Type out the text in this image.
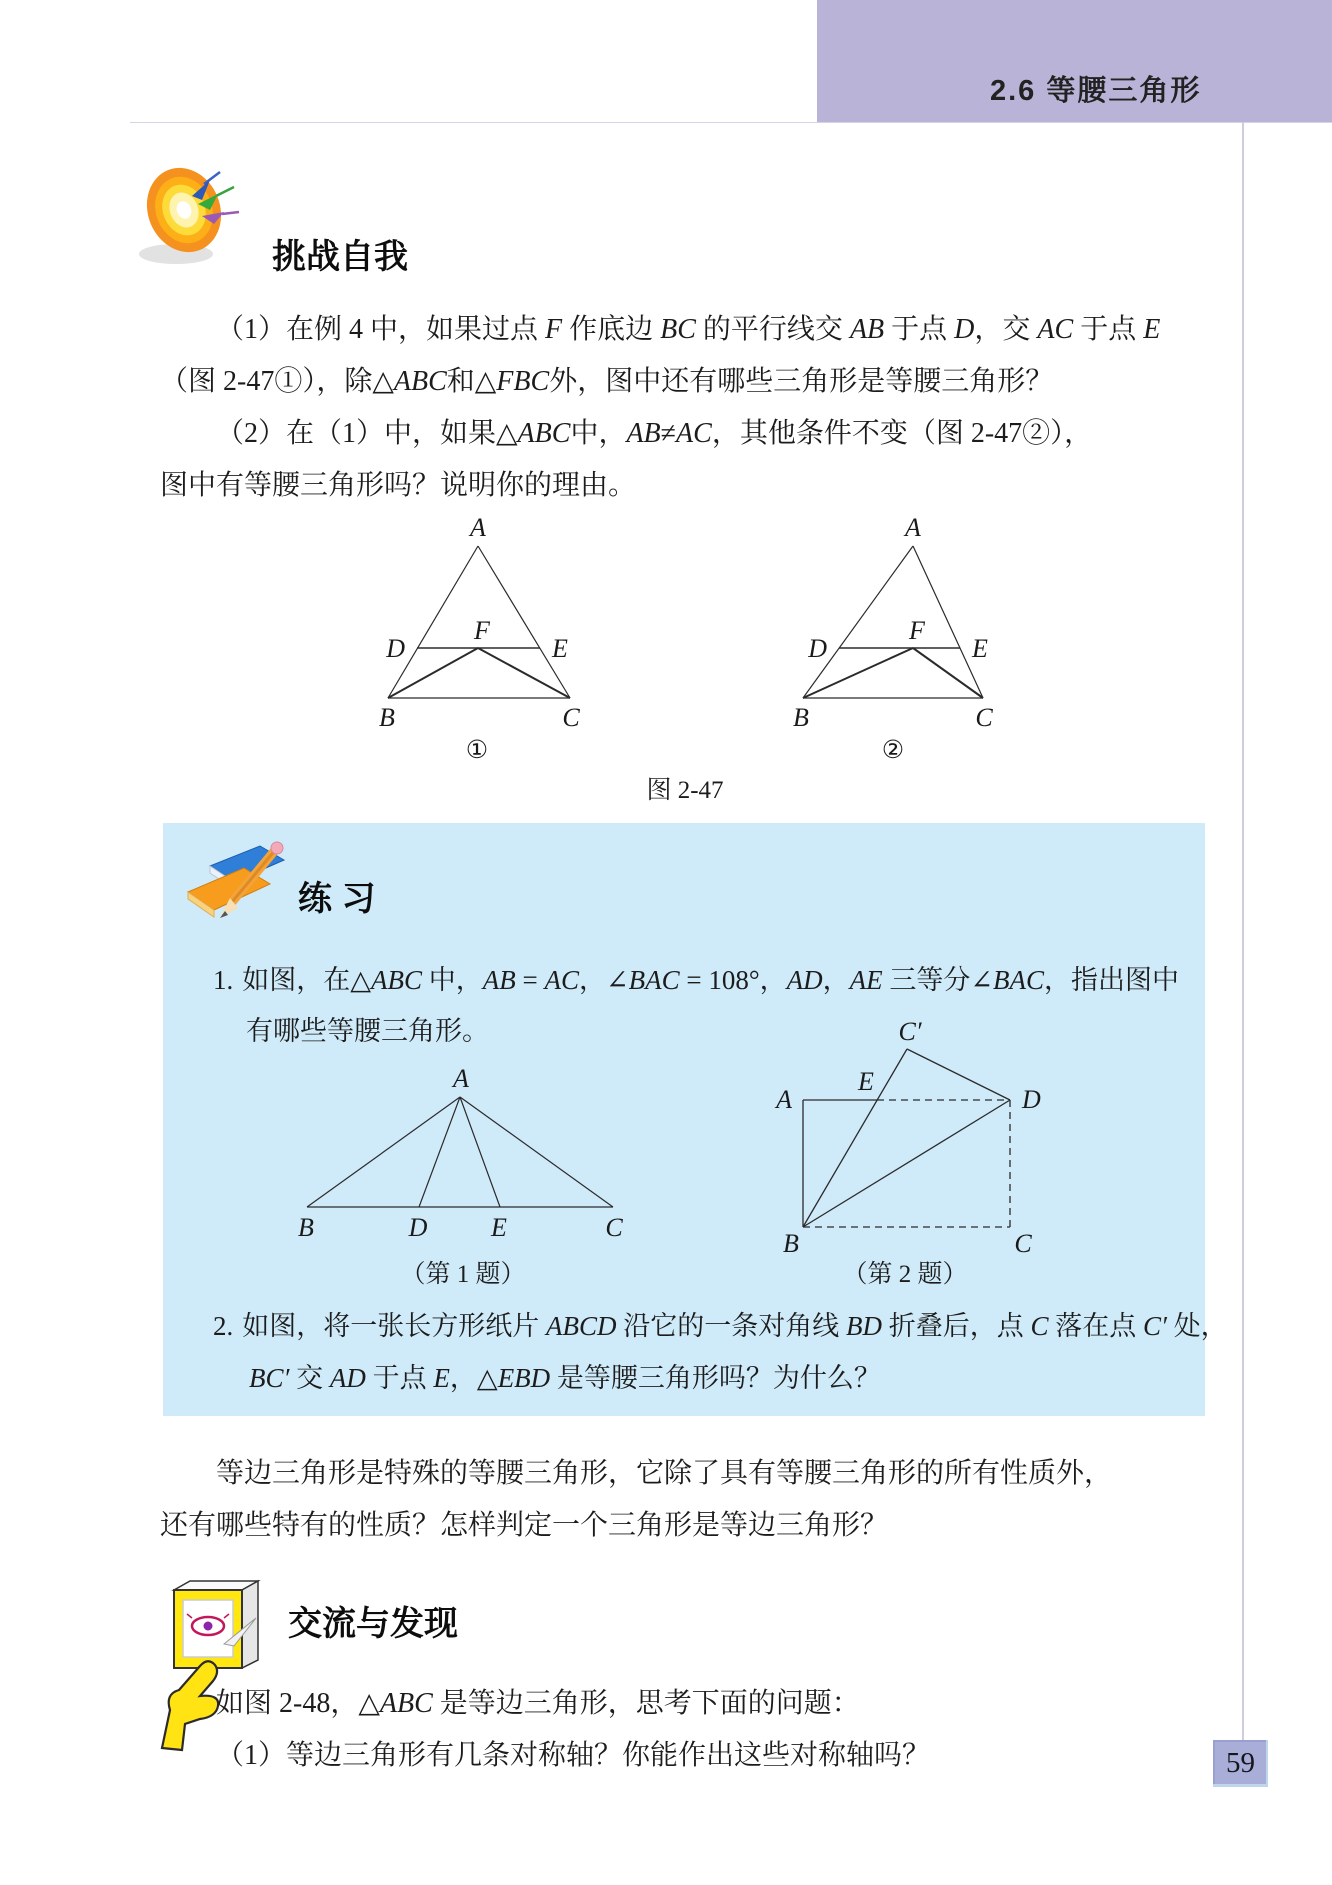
2.6 等腰三角形
挑战自我
（1）在例 4 中，如果过点 F 作底边 BC 的平行线交 AB 于点 D，交 AC 于点 E
（图 2-47①），除△ABC和△FBC外，图中还有哪些三角形是等腰三角形？
（2）在（1）中，如果△ABC中，AB≠AC，其他条件不变（图 2-47②），
图中有等腰三角形吗？说明你的理由。
A
D
F
E
B	C
①
A
D
F
E
B	C
②
图 2-47
练 习
1. 如图，在△ABC 中，AB = AC，∠BAC = 108°，AD，AE 三等分∠BAC，指出图中
有哪些等腰三角形。
A
B	D E	C
（第 1 题）
A	D
C′
E
B	C
（第 2 题）
2. 如图，将一张长方形纸片 ABCD 沿它的一条对角线 BD 折叠后，点 C 落在点 C′ 处，
BC′ 交 AD 于点 E，△EBD 是等腰三角形吗？为什么？
等边三角形是特殊的等腰三角形，它除了具有等腰三角形的所有性质外，
还有哪些特有的性质？怎样判定一个三角形是等边三角形？
交流与发现
如图 2-48，△ABC 是等边三角形，思考下面的问题：
（1）等边三角形有几条对称轴？你能作出这些对称轴吗？	59
